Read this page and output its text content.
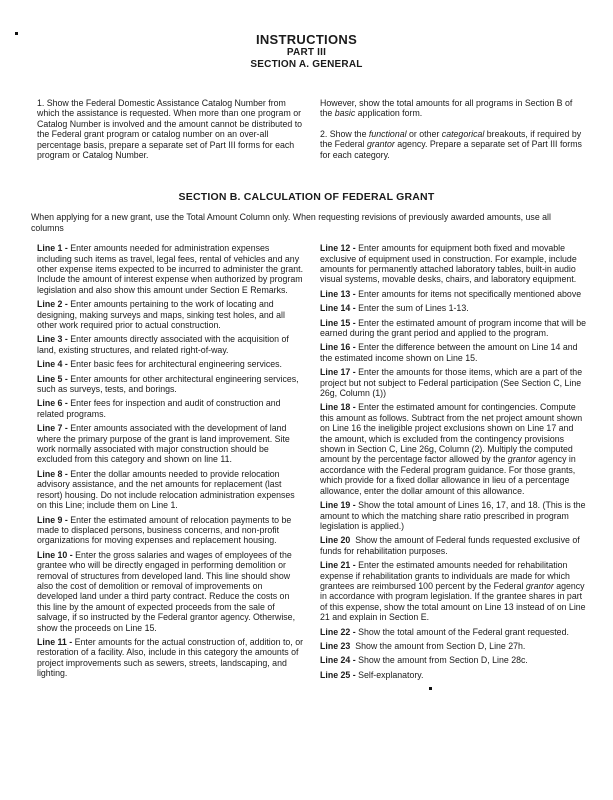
INSTRUCTIONS
PART III
SECTION A. GENERAL

1. Show the Federal Domestic Assistance Catalog Number from which the assistance is requested. When more than one program or Catalog Number is involved and the amount cannot be distributed to the Federal grant program or catalog number on an over-all percentage basis, prepare a separate set of Part III forms for each program or Catalog Number.

However, show the total amounts for all programs in Section B of the basic application form.

2. Show the functional or other categorical breakouts, if required by the Federal grantor agency. Prepare a separate set of Part III forms for each category.

SECTION B. CALCULATION OF FEDERAL GRANT

When applying for a new grant, use the Total Amount Column only. When requesting revisions of previously awarded amounts, use all columns

Line 1 - Enter amounts needed for administration expenses including such items as travel, legal fees, rental of vehicles and any other expense items expected to be incurred to administer the grant. Include the amount of interest expense when authorized by program legislation and also show this amount under Section E Remarks.

Line 2 - Enter amounts pertaining to the work of locating and designing, making surveys and maps, sinking test holes, and all other work required prior to actual construction.

Line 3 - Enter amounts directly associated with the acquisition of land, existing structures, and related right-of-way.

Line 4 - Enter basic fees for architectural engineering services.

Line 5 - Enter amounts for other architectural engineering services, such as surveys, tests, and borings.

Line 6 - Enter fees for inspection and audit of construction and related programs.

Line 7 - Enter amounts associated with the development of land where the primary purpose of the grant is land improvement. Site work normally associated with major construction should be excluded from this category and shown on line 11.

Line 8 - Enter the dollar amounts needed to provide relocation advisory assistance, and the net amounts for replacement (last resort) housing. Do not include relocation administration expenses on this Line; include them on Line 1.

Line 9 - Enter the estimated amount of relocation payments to be made to displaced persons, business concerns, and non-profit organizations for moving expenses and replacement housing.

Line 10 - Enter the gross salaries and wages of employees of the grantee who will be directly engaged in performing demolition or removal of structures from developed land. This line should show also the cost of demolition or removal of improvements on developed land under a third party contract. Reduce the costs on this line by the amount of expected proceeds from the sale of salvage, if so instructed by the Federal grantor agency. Otherwise, show the proceeds on Line 15.

Line 11 - Enter amounts for the actual construction of, addition to, or restoration of a facility. Also, include in this category the amounts of project improvements such as sewers, streets, landscaping, and lighting.

Line 12 - Enter amounts for equipment both fixed and movable exclusive of equipment used in construction. For example, include amounts for permanently attached laboratory tables, built-in audio visual systems, movable desks, chairs, and laboratory equipment.

Line 13 - Enter amounts for items not specifically mentioned above

Line 14 - Enter the sum of Lines 1-13.

Line 15 - Enter the estimated amount of program income that will be earned during the grant period and applied to the program.

Line 16 - Enter the difference between the amount on Line 14 and the estimated income shown on Line 15.

Line 17 - Enter the amounts for those items, which are a part of the project but not subject to Federal participation (See Section C, Line 26g, Column (1))

Line 18 - Enter the estimated amount for contingencies. Compute this amount as follows. Subtract from the net project amount shown on Line 16 the ineligible project exclusions shown on Line 17 and the amount, which is excluded from the contingency provisions shown in Section C, Line 26g, Column (2). Multiply the computed amount by the percentage factor allowed by the grantor agency in accordance with the Federal program guidance. For those grants, which provide for a fixed dollar allowance in lieu of a percentage allowance, enter the dollar amount of this allowance.

Line 19 - Show the total amount of Lines 16, 17, and 18. (This is the amount to which the matching share ratio prescribed in program legislation is applied.)

Line 20  Show the amount of Federal funds requested exclusive of funds for rehabilitation purposes.

Line 21 - Enter the estimated amounts needed for rehabilitation expense if rehabilitation grants to individuals are made for which grantees are reimbursed 100 percent by the Federal grantor agency in accordance with program legislation. If the grantee shares in part of this expense, show the total amount on Line 13 instead of on Line 21 and explain in Section E.

Line 22 - Show the total amount of the Federal grant requested.

Line 23  Show the amount from Section D, Line 27h.

Line 24 - Show the amount from Section D, Line 28c.

Line 25 - Self-explanatory.
